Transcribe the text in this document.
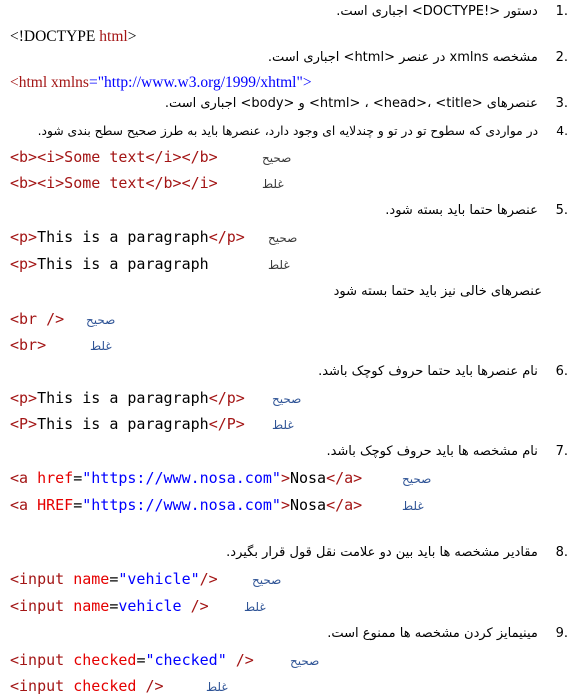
1. دستور <!DOCTYPE> اجباری است.
<!DOCTYPE html>
2. مشخصه xmlns در عنصر <html> اجباری است.
<html xmlns="http://www.w3.org/1999/xhtml">
3. عنصرهای <html> ، <head>، <title> و <body> اجباری است.
4. در مواردی که سطوح تو در تو و چندلایه ای وجود دارد، عنصرها باید به طرز صحیح سطح بندی شود.
<b><i>Some text</i></b>	صحیح
<b><i>Some text</b></i>	غلط
5. عنصرها حتما باید بسته شود.
<p>This is a paragraph</p> صحیح
<p>This is a paragraph	غلط
عنصرهای خالی نیز باید حتما بسته شود
<br /> صحیح
<br>	غلط
6. نام عنصرها باید حتما حروف کوچک باشد.
<p>This is a paragraph</p> صحیح
<P>This is a paragraph</P> غلط
7. نام مشخصه ها باید حروف کوچک باشد.
<a href="https://www.nosa.com">Nosa</a>	صحیح
<a HREF="https://www.nosa.com">Nosa</a>	غلط
8. مقادیر مشخصه ها باید بین دو علامت نقل قول قرار بگیرد.
<input name="vehicle"/>	صحیح
<input name=vehicle />	غلط
9. مینیمایز کردن مشخصه ها ممنوع است.
<input checked="checked" />	صحیح
<input checked />	غلط
